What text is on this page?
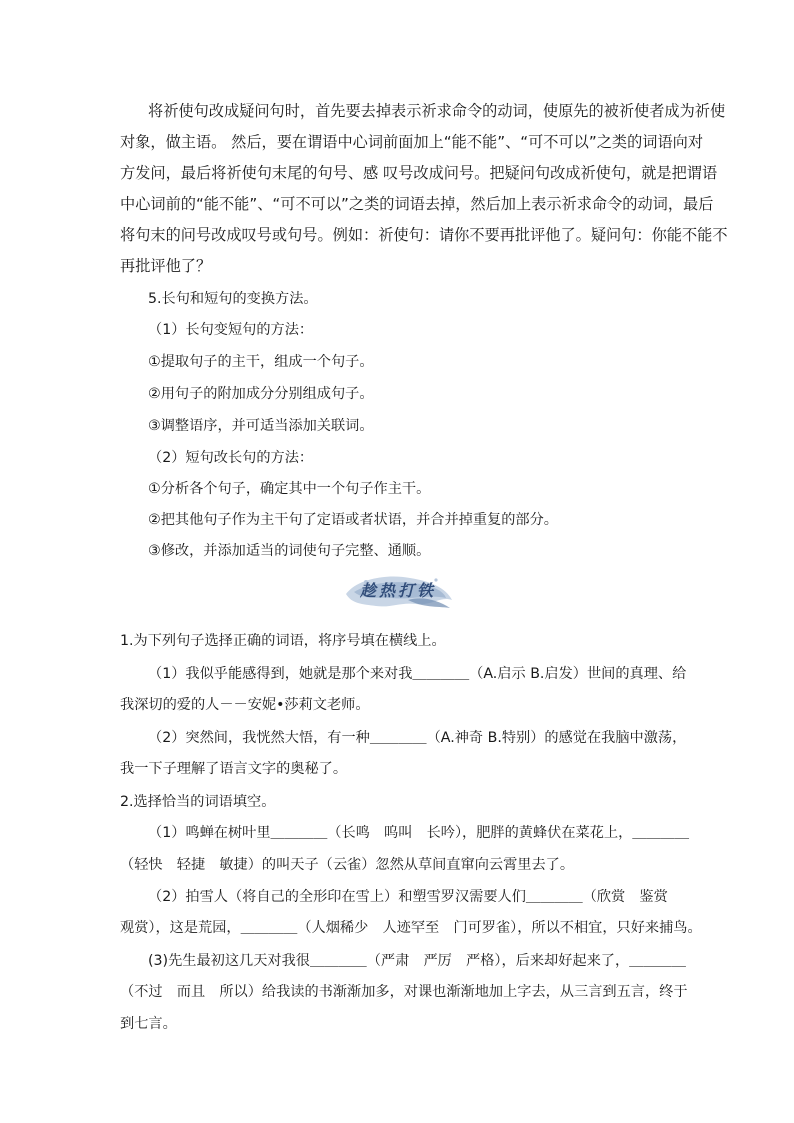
将祈使句改成疑问句时，首先要去掉表示祈求命令的动词，使原先的被祈使者成为祈使
对象，做主语。 然后，要在谓语中心词前面加上“能不能”、“可不可以”之类的词语向对
方发问，最后将祈使句末尾的句号、感 叹号改成问号。把疑问句改成祈使句，就是把谓语
中心词前的“能不能”、“可不可以”之类的词语去掉，然后加上表示祈求命令的动词，最后
将句末的问号改成叹号或句号。例如：祈使句：请你不要再批评他了。疑问句：你能不能不
再批评他了？
5.长句和短句的变换方法。
（1）长句变短句的方法：
①提取句子的主干，组成一个句子。
②用句子的附加成分分别组成句子。
③调整语序，并可适当添加关联词。
（2）短句改长句的方法：
①分析各个句子，确定其中一个句子作主干。
②把其他句子作为主干句了定语或者状语，并合并掉重复的部分。
③修改，并添加适当的词使句子完整、通顺。
趁热打铁
1.为下列句子选择正确的词语，将序号填在横线上。
（1）我似乎能感得到，她就是那个来对我＿＿＿＿（A.启示 B.启发）世间的真理、给
我深切的爱的人－－安妮•莎莉文老师。
（2）突然间，我恍然大悟，有一种＿＿＿＿（A.神奇 B.特别）的感觉在我脑中激荡，
我一下子理解了语言文字的奥秘了。
2.选择恰当的词语填空。
（1）鸣蝉在树叶里＿＿＿＿（长鸣　呜叫　长吟），肥胖的黄蜂伏在菜花上，＿＿＿＿
（轻快　轻捷　敏捷）的叫天子（云雀）忽然从草间直窜向云霄里去了。
（2）拍雪人（将自己的全形印在雪上）和塑雪罗汉需要人们＿＿＿＿（欣赏　鉴赏
观赏），这是荒园，＿＿＿＿（人烟稀少　人迹罕至　门可罗雀），所以不相宜，只好来捕鸟。
(3)先生最初这几天对我很＿＿＿＿（严肃　严厉　严格），后来却好起来了，＿＿＿＿
（不过　而且　所以）给我读的书渐渐加多，对课也渐渐地加上字去，从三言到五言，终于
到七言。
